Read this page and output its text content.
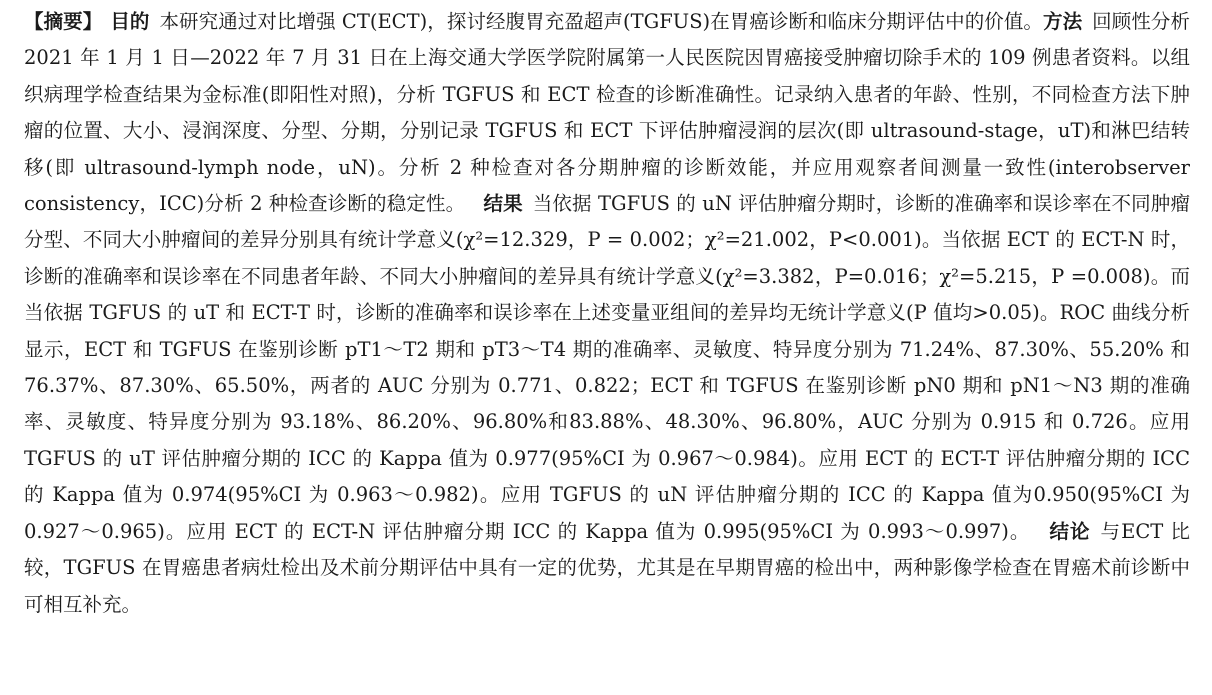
【摘要】 目的 本研究通过对比增强 CT(ECT)，探讨经腹胃充盈超声(TGFUS)在胃癌诊断和临床分期评估中的价值。方法 回顾性分析 2021 年 1 月 1 日—2022 年 7 月 31 日在上海交通大学医学院附属第一人民医院因胃癌接受肿瘤切除手术的 109 例患者资料。以组织病理学检查结果为金标准(即阳性对照)，分析 TGFUS 和 ECT 检查的诊断准确性。记录纳入患者的年龄、性别，不同检查方法下肿瘤的位置、大小、浸润深度、分型、分期，分别记录 TGFUS 和 ECT 下评估肿瘤浸润的层次(即 ultrasound-stage，uT)和淋巴结转移(即 ultrasound-lymph node，uN)。分析 2 种检查对各分期肿瘤的诊断效能，并应用观察者间测量一致性(interobserver consistency，ICC)分析 2 种检查诊断的稳定性。 结果 当依据 TGFUS 的 uN 评估肿瘤分期时，诊断的准确率和误诊率在不同肿瘤分型、不同大小肿瘤间的差异分别具有统计学意义(χ²=12.329，P = 0.002；χ²=21.002，P<0.001)。当依据 ECT 的 ECT-N 时，诊断的准确率和误诊率在不同患者年龄、不同大小肿瘤间的差异具有统计学意义(χ²=3.382，P=0.016；χ²=5.215，P =0.008)。而当依据 TGFUS 的 uT 和 ECT-T 时，诊断的准确率和误诊率在上述变量亚组间的差异均无统计学意义(P 值均>0.05)。ROC 曲线分析显示，ECT 和 TGFUS 在鉴别诊断 pT1～T2 期和 pT3～T4 期的准确率、灵敏度、特异度分别为 71.24%、87.30%、55.20% 和 76.37%、87.30%、65.50%，两者的 AUC 分别为 0.771、0.822；ECT 和 TGFUS 在鉴别诊断 pN0 期和 pN1～N3 期的准确率、灵敏度、特异度分别为 93.18%、86.20%、96.80%和83.88%、48.30%、96.80%，AUC 分别为 0.915 和 0.726。应用 TGFUS 的 uT 评估肿瘤分期的 ICC 的 Kappa 值为 0.977(95%CI 为 0.967～0.984)。应用 ECT 的 ECT-T 评估肿瘤分期的 ICC 的 Kappa 值为 0.974(95%CI 为 0.963～0.982)。应用 TGFUS 的 uN 评估肿瘤分期的 ICC 的 Kappa 值为0.950(95%CI 为 0.927～0.965)。应用 ECT 的 ECT-N 评估肿瘤分期 ICC 的 Kappa 值为 0.995(95%CI 为 0.993～0.997)。 结论 与ECT 比较，TGFUS 在胃癌患者病灶检出及术前分期评估中具有一定的优势，尤其是在早期胃癌的检出中，两种影像学检查在胃癌术前诊断中可相互补充。
